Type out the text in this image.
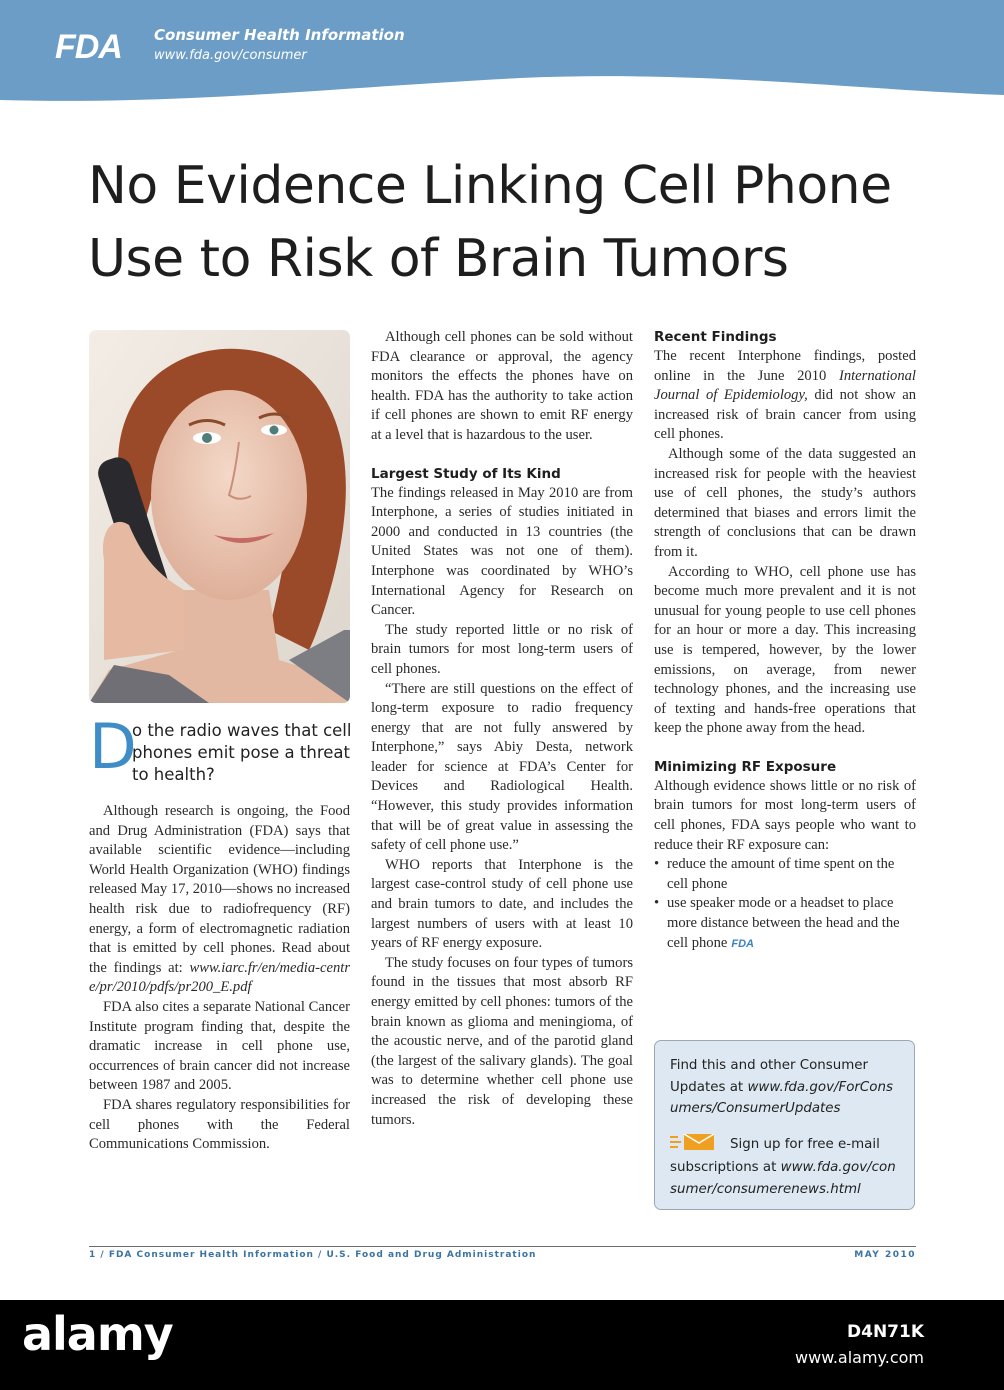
FDA Consumer Health Information
www.fda.gov/consumer
No Evidence Linking Cell Phone Use to Risk of Brain Tumors
D
o the radio waves that cell phones emit pose a threat to health?

Although research is ongoing, the Food and Drug Administration (FDA) says that available scientific evidence—including World Health Organization (WHO) findings released May 17, 2010—shows no increased health risk due to radiofrequency (RF) energy, a form of electromagnetic radiation that is emitted by cell phones. Read about the findings at: www.iarc.fr/en/media-centre/pr/2010/pdfs/pr200_E.pdf

FDA also cites a separate National Cancer Institute program finding that, despite the dramatic increase in cell phone use, occurrences of brain cancer did not increase between 1987 and 2005.

FDA shares regulatory responsibilities for cell phones with the Federal Communications Commission.

Although cell phones can be sold without FDA clearance or approval, the agency monitors the effects the phones have on health. FDA has the authority to take action if cell phones are shown to emit RF energy at a level that is hazardous to the user.

Largest Study of Its Kind

The findings released in May 2010 are from Interphone, a series of studies initiated in 2000 and conducted in 13 countries (the United States was not one of them). Interphone was coordinated by WHO’s International Agency for Research on Cancer.

The study reported little or no risk of brain tumors for most long-term users of cell phones.

“There are still questions on the effect of long-term exposure to radio frequency energy that are not fully answered by Interphone,” says Abiy Desta, network leader for science at FDA’s Center for Devices and Radiological Health. “However, this study provides information that will be of great value in assessing the safety of cell phone use.”

WHO reports that Interphone is the largest case-control study of cell phone use and brain tumors to date, and includes the largest numbers of users with at least 10 years of RF energy exposure.

The study focuses on four types of tumors found in the tissues that most absorb RF energy emitted by cell phones: tumors of the brain known as glioma and meningioma, of the acoustic nerve, and of the parotid gland (the largest of the salivary glands). The goal was to determine whether cell phone use increased the risk of developing these tumors.

Recent Findings

The recent Interphone findings, posted online in the June 2010 International Journal of Epidemiology, did not show an increased risk of brain cancer from using cell phones.

Although some of the data suggested an increased risk for people with the heaviest use of cell phones, the study’s authors determined that biases and errors limit the strength of conclusions that can be drawn from it.

According to WHO, cell phone use has become much more prevalent and it is not unusual for young people to use cell phones for an hour or more a day. This increasing use is tempered, however, by the lower emissions, on average, from newer technology phones, and the increasing use of texting and hands-free operations that keep the phone away from the head.

Minimizing RF Exposure

Although evidence shows little or no risk of brain tumors for most long-term users of cell phones, FDA says people who want to reduce their RF exposure can:

• reduce the amount of time spent on the cell phone
• use speaker mode or a headset to place more distance between the head and the cell phone FDA

Find this and other Consumer Updates at www.fda.gov/ForConsumers/ConsumerUpdates

Sign up for free e-mail subscriptions at www.fda.gov/consumer/consumerenews.html

1 / FDA Consumer Health Information / U.S. Food and Drug Administration	MAY 2010
alamy	D4N71K
www.alamy.com
